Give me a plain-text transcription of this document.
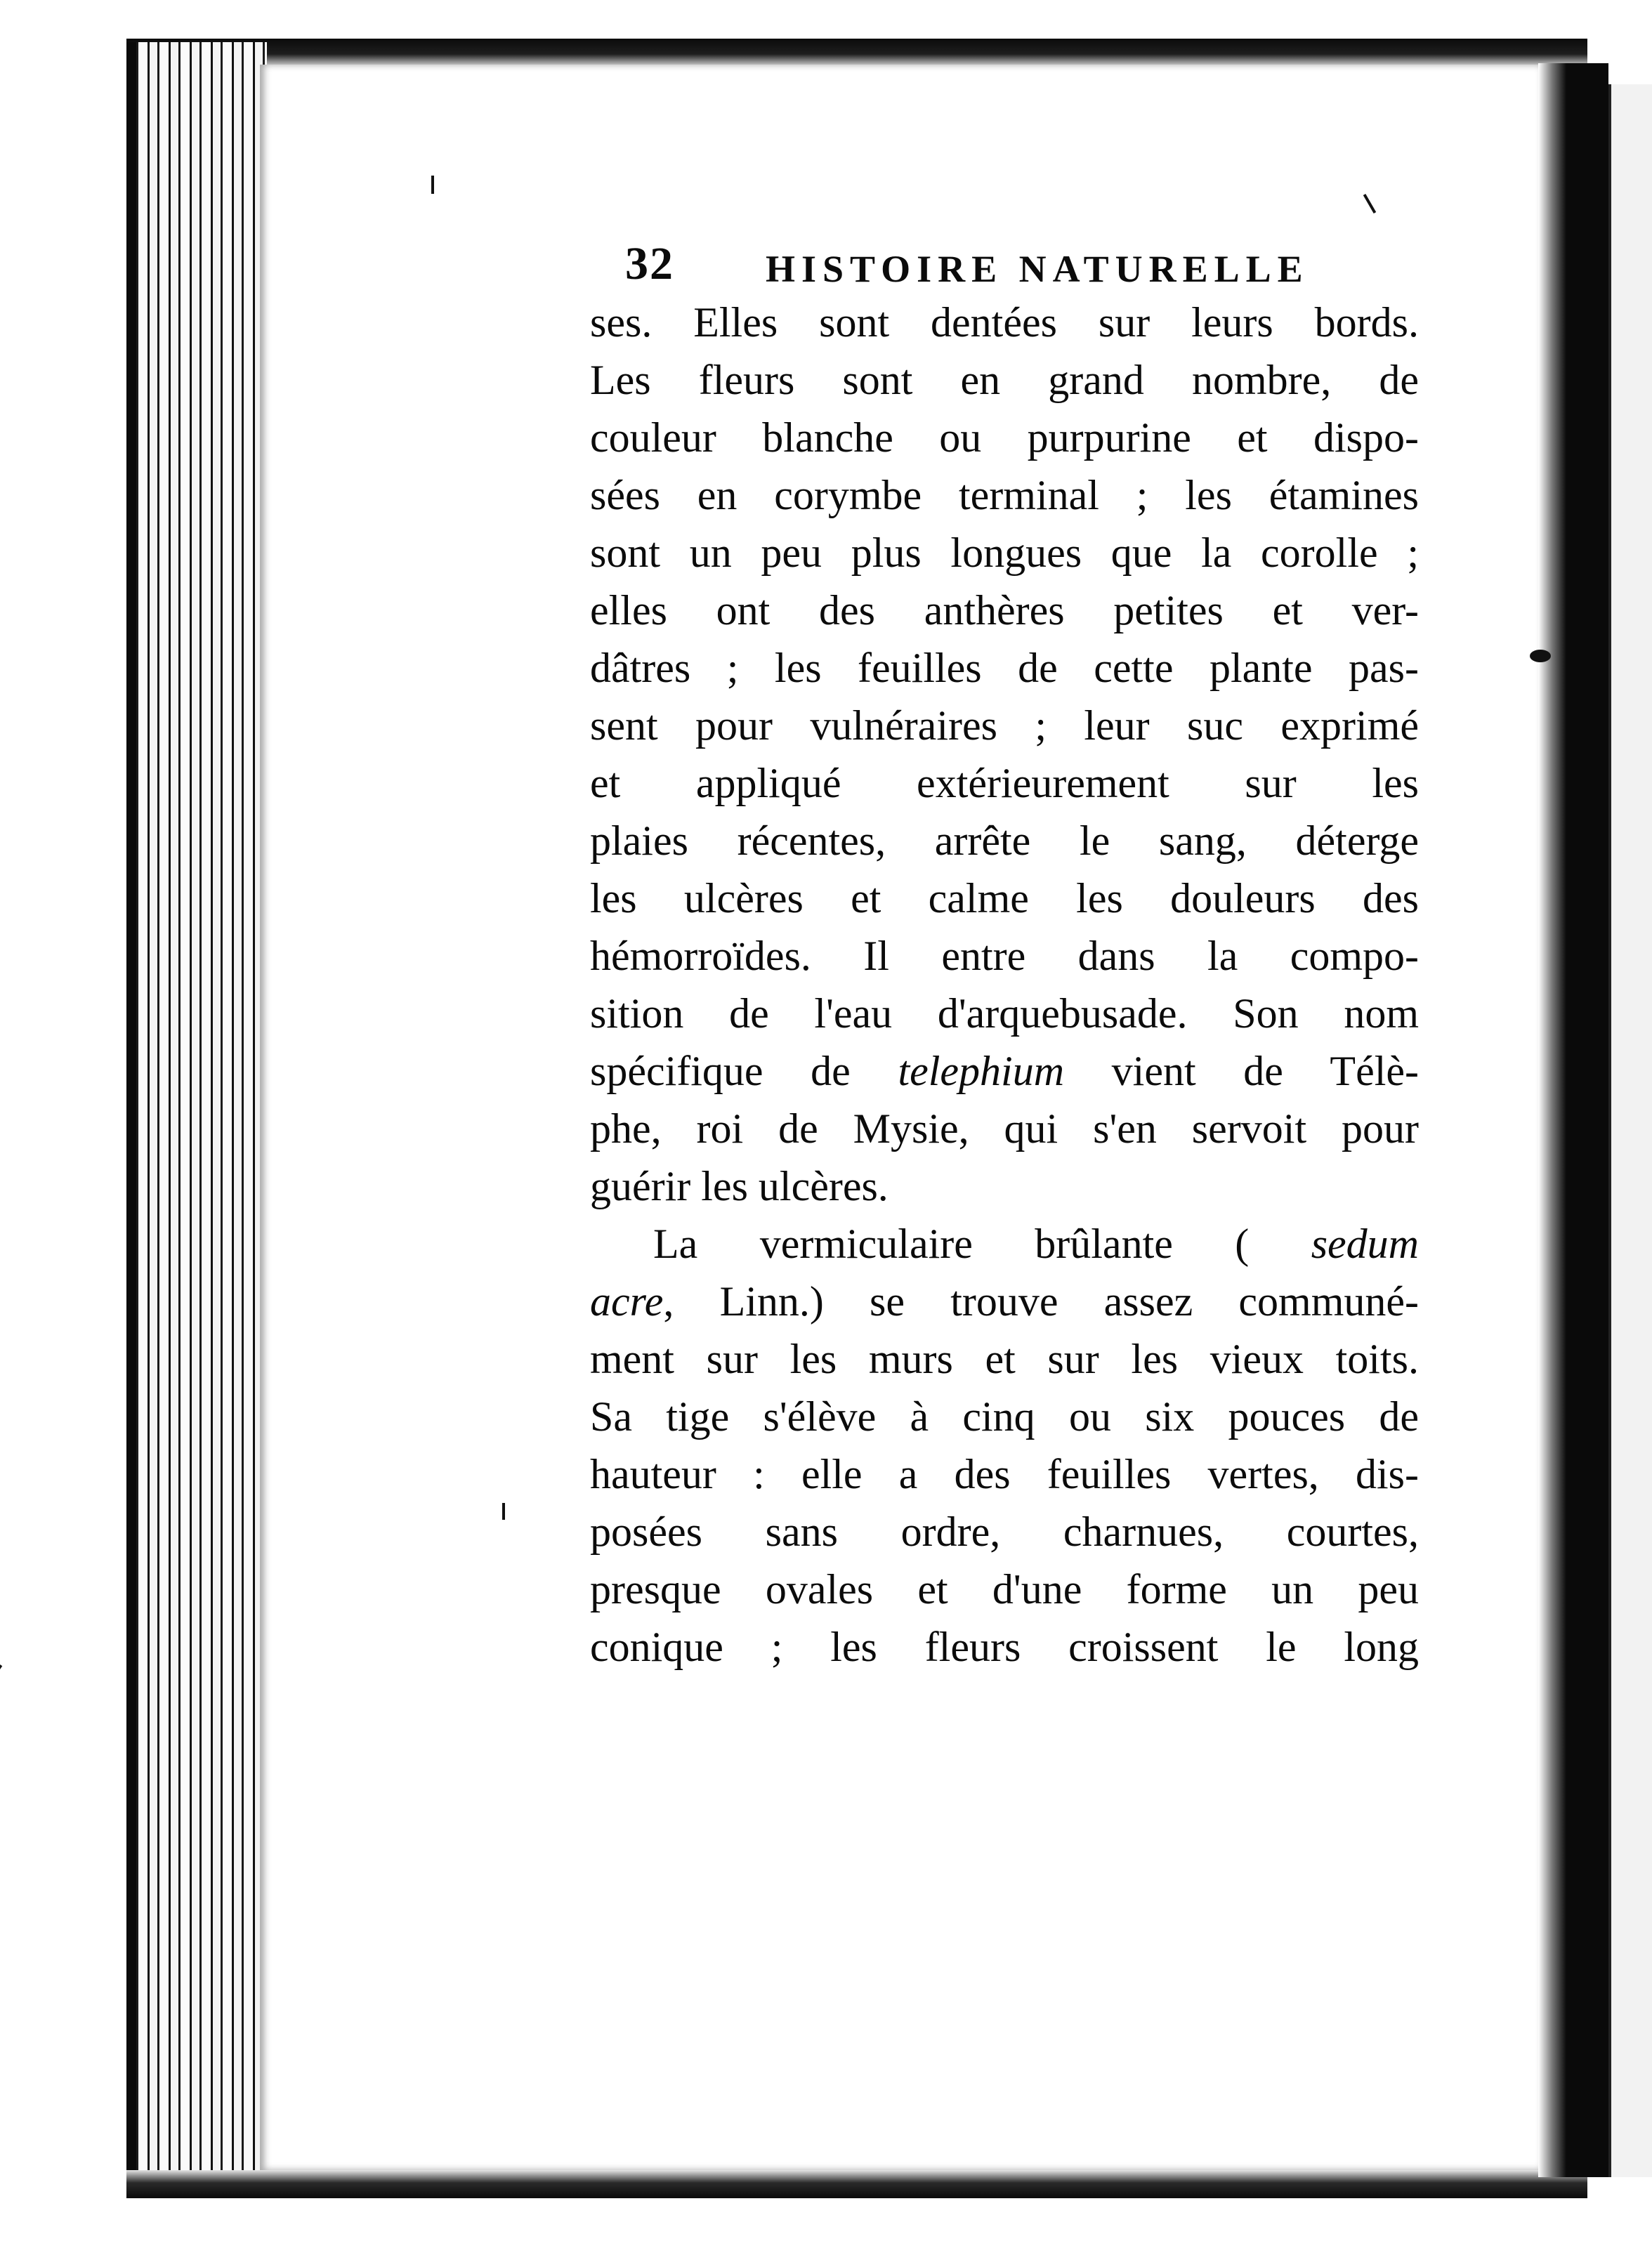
32 HISTOIRE NATURELLE
ses. Elles sont dentées sur leurs bords.
Les fleurs sont en grand nombre, de
couleur blanche ou purpurine et dispo-
sées en corymbe terminal ; les étamines
sont un peu plus longues que la corolle ;
elles ont des anthères petites et ver-
dâtres ; les feuilles de cette plante pas-
sent pour vulnéraires ; leur suc exprimé
et appliqué extérieurement sur les
plaies récentes, arrête le sang, déterge
les ulcères et calme les douleurs des
hémorroïdes. Il entre dans la compo-
sition de l'eau d'arquebusade. Son nom
spécifique de telephium vient de Télè-
phe, roi de Mysie, qui s'en servoit pour
guérir les ulcères.
La vermiculaire brûlante ( sedum
acre, Linn.) se trouve assez communé-
ment sur les murs et sur les vieux toits.
Sa tige s'élève à cinq ou six pouces de
hauteur : elle a des feuilles vertes, dis-
posées sans ordre, charnues, courtes,
presque ovales et d'une forme un peu
conique ; les fleurs croissent le long
